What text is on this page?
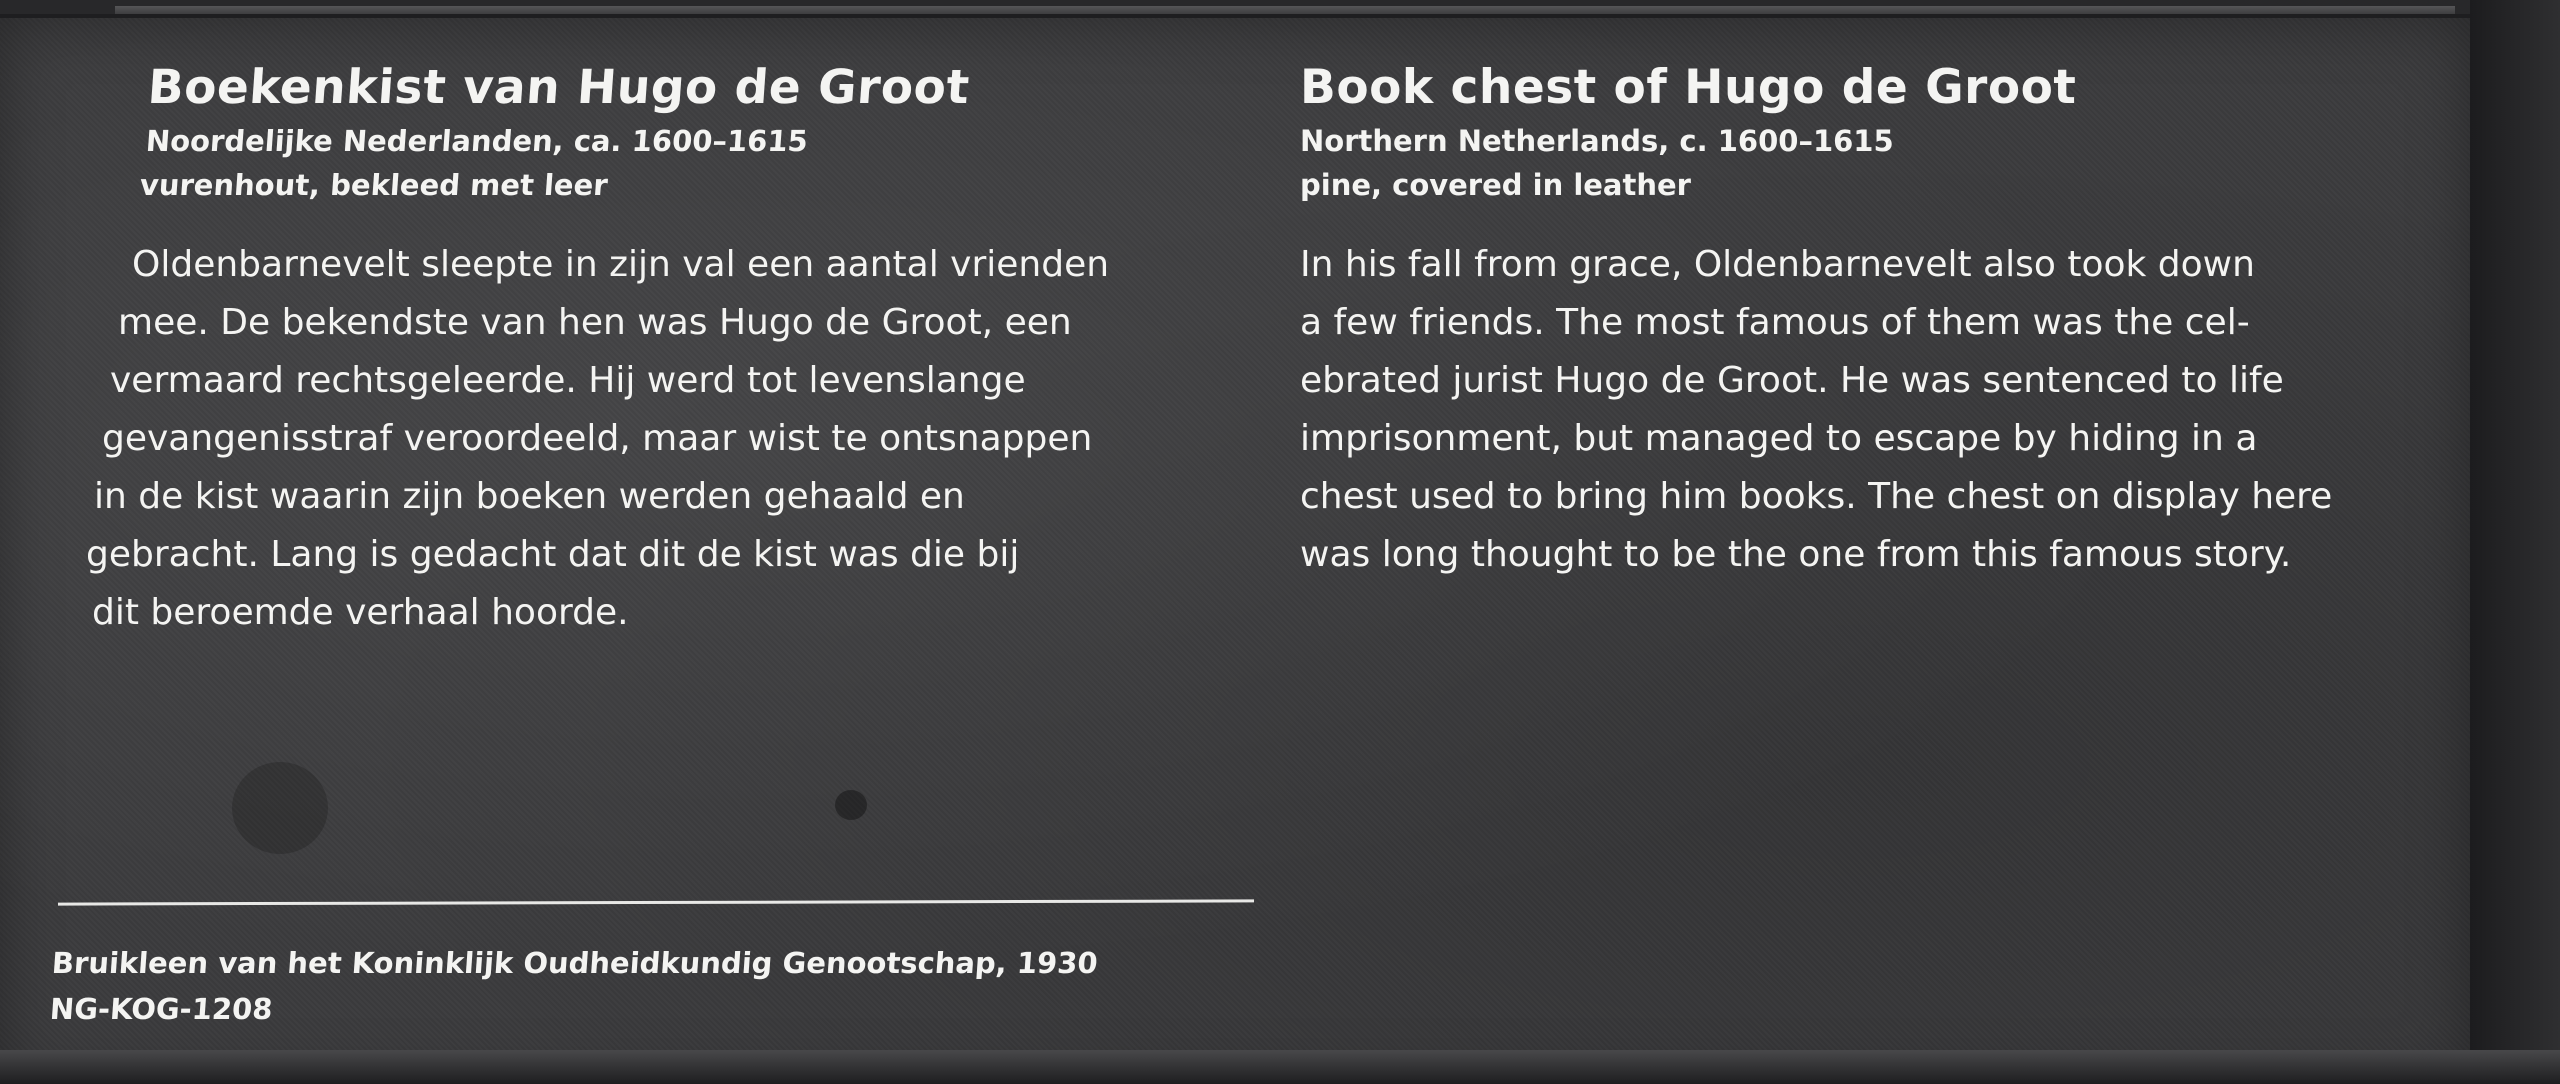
Boekenkist van Hugo de Groot
Noordelijke Nederlanden, ca. 1600–1615
vurenhout, bekleed met leer
Oldenbarnevelt sleepte in zijn val een aantal vrienden
mee. De bekendste van hen was Hugo de Groot, een
vermaard rechtsgeleerde. Hij werd tot levenslange
gevangenisstraf veroordeeld, maar wist te ontsnappen
in de kist waarin zijn boeken werden gehaald en
gebracht. Lang is gedacht dat dit de kist was die bij
dit beroemde verhaal hoorde.
Book chest of Hugo de Groot
Northern Netherlands, c. 1600–1615
pine, covered in leather
In his fall from grace, Oldenbarnevelt also took down
a few friends. The most famous of them was the cel-
ebrated jurist Hugo de Groot. He was sentenced to life
imprisonment, but managed to escape by hiding in a
chest used to bring him books. The chest on display here
was long thought to be the one from this famous story.
Bruikleen van het Koninklijk Oudheidkundig Genootschap, 1930
NG-KOG-1208
